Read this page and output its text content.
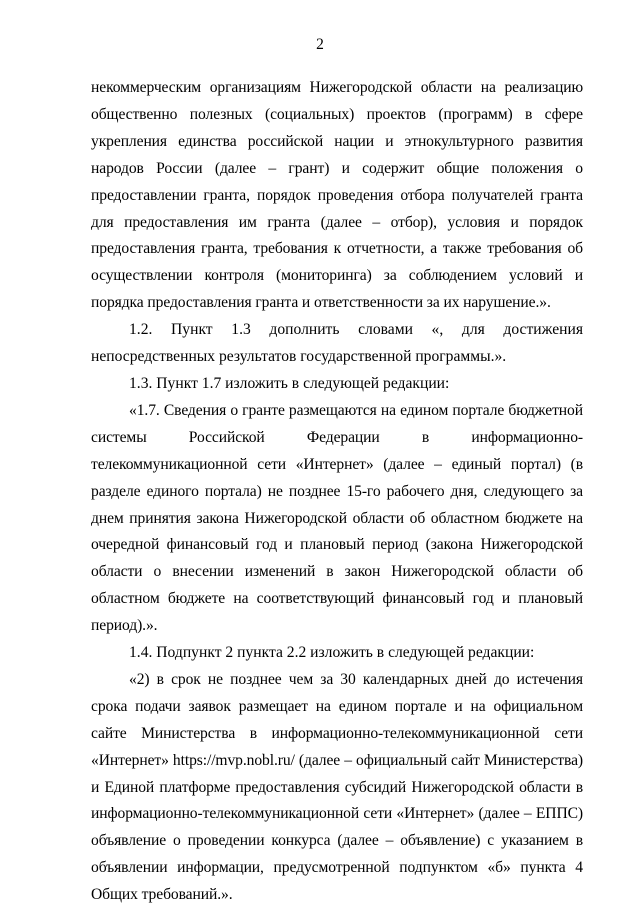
2

некоммерческим организациям Нижегородской области на реализацию общественно полезных (социальных) проектов (программ) в сфере укрепления единства российской нации и этнокультурного развития народов России (далее – грант) и содержит общие положения о предоставлении гранта, порядок проведения отбора получателей гранта для предоставления им гранта (далее – отбор), условия и порядок предоставления гранта, требования к отчетности, а также требования об осуществлении контроля (мониторинга) за соблюдением условий и порядка предоставления гранта и ответственности за их нарушение.».

1.2. Пункт 1.3 дополнить словами «, для достижения непосредственных результатов государственной программы.».

1.3. Пункт 1.7 изложить в следующей редакции:

«1.7. Сведения о гранте размещаются на едином портале бюджетной системы Российской Федерации в информационно-телекоммуникационной сети «Интернет» (далее – единый портал) (в разделе единого портала) не позднее 15-го рабочего дня, следующего за днем принятия закона Нижегородской области об областном бюджете на очередной финансовый год и плановый период (закона Нижегородской области о внесении изменений в закон Нижегородской области об областном бюджете на соответствующий финансовый год и плановый период).».

1.4. Подпункт 2 пункта 2.2 изложить в следующей редакции:

«2) в срок не позднее чем за 30 календарных дней до истечения срока подачи заявок размещает на едином портале и на официальном сайте Министерства в информационно-телекоммуникационной сети «Интернет» https://mvp.nobl.ru/ (далее – официальный сайт Министерства) и Единой платформе предоставления субсидий Нижегородской области в информационно-телекоммуникационной сети «Интернет» (далее – ЕППС) объявление о проведении конкурса (далее – объявление) с указанием в объявлении информации, предусмотренной подпунктом «б» пункта 4 Общих требований.».
